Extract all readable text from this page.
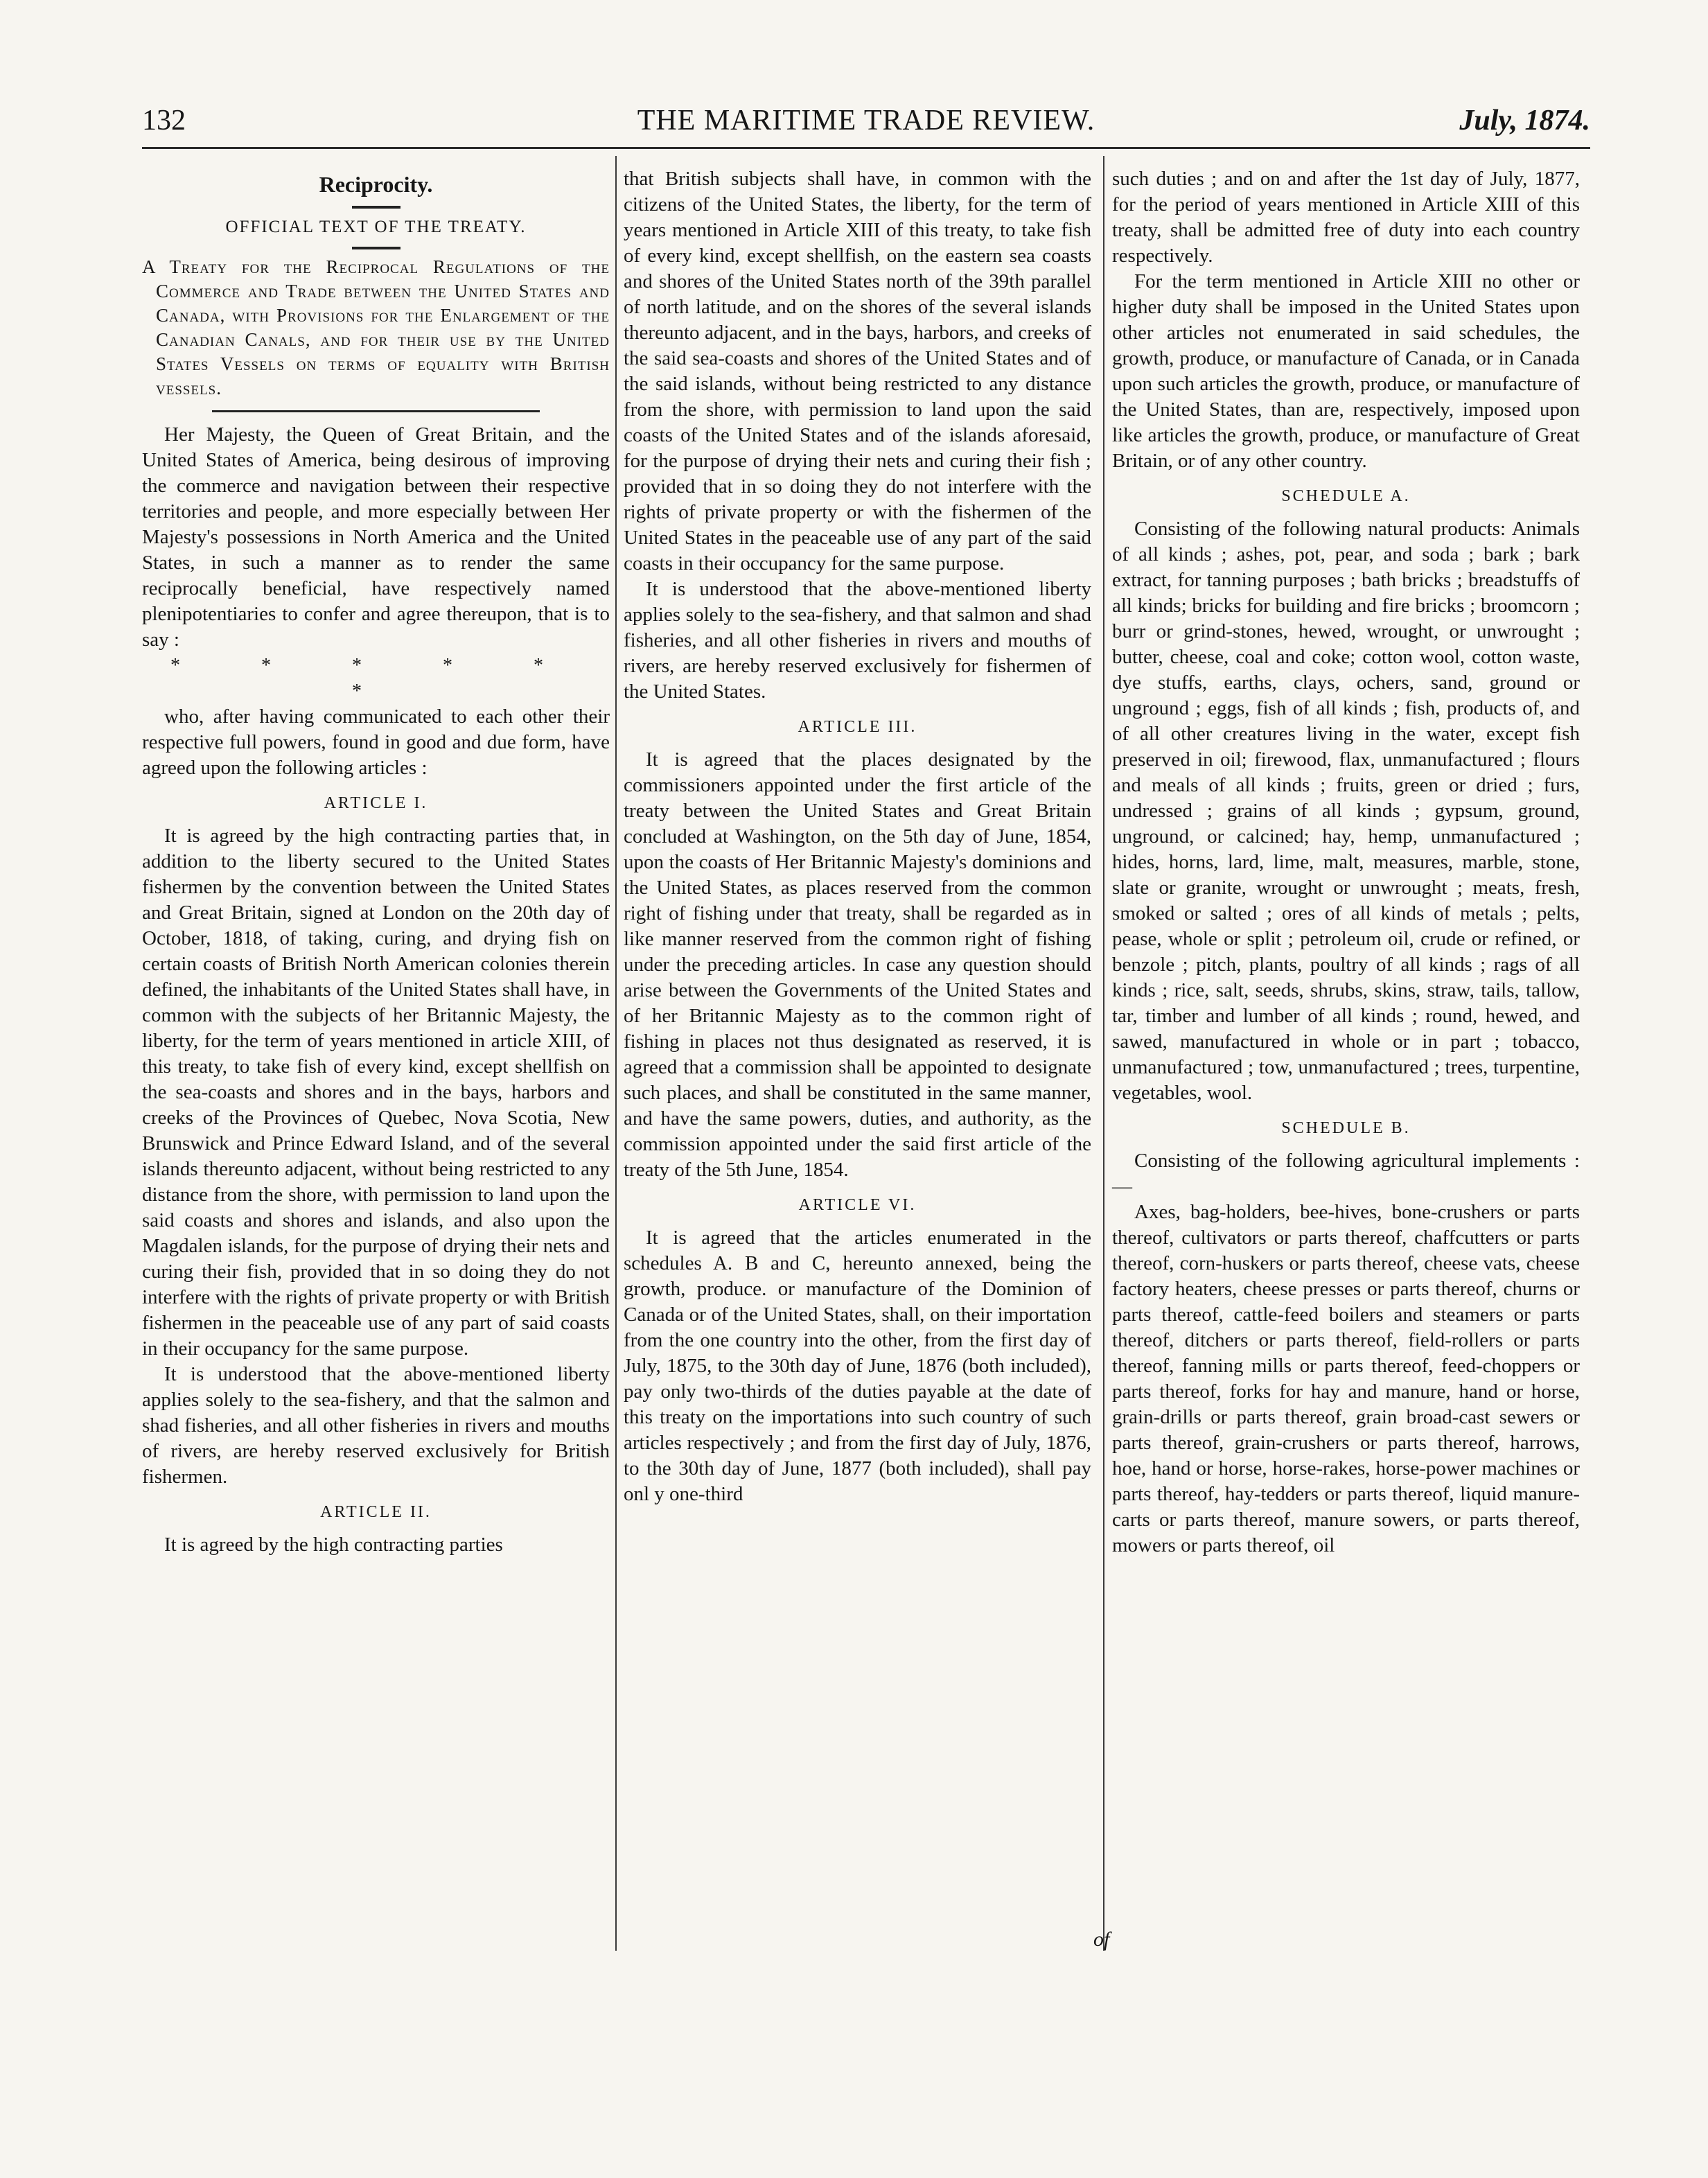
132	THE MARITIME TRADE REVIEW.	July, 1874.
Reciprocity.
OFFICIAL TEXT OF THE TREATY.
A Treaty for the Reciprocal Regulations of the Commerce and Trade between the United States and Canada, with Provisions for the Enlargement of the Canadian Canals, and for their use by the United States Vessels on terms of equality with British vessels.

Her Majesty, the Queen of Great Britain, and the United States of America, being desirous of improving the commerce and navigation between their respective territories and people, and more especially between Her Majesty's possessions in North America and the United States, in such a manner as to render the same reciprocally beneficial, have respectively named plenipotentiaries to confer and agree thereupon, that is to say :

* * * * * *

who, after having communicated to each other their respective full powers, found in good and due form, have agreed upon the following articles :

ARTICLE I.

It is agreed by the high contracting parties that, in addition to the liberty secured to the United States fishermen by the convention between the United States and Great Britain, signed at London on the 20th day of October, 1818, of taking, curing, and drying fish on certain coasts of British North American colonies therein defined, the inhabitants of the United States shall have, in common with the subjects of her Britannic Majesty, the liberty, for the term of years mentioned in article XIII, of this treaty, to take fish of every kind, except shellfish on the sea-coasts and shores and in the bays, harbors and creeks of the Provinces of Quebec, Nova Scotia, New Brunswick and Prince Edward Island, and of the several islands thereunto adjacent, without being restricted to any distance from the shore, with permission to land upon the said coasts and shores and islands, and also upon the Magdalen islands, for the purpose of drying their nets and curing their fish, provided that in so doing they do not interfere with the rights of private property or with British fishermen in the peaceable use of any part of said coasts in their occupancy for the same purpose.

It is understood that the above-mentioned liberty applies solely to the sea-fishery, and that the salmon and shad fisheries, and all other fisheries in rivers and mouths of rivers, are hereby reserved exclusively for British fishermen.

ARTICLE II.

It is agreed by the high contracting parties

that British subjects shall have, in common with the citizens of the United States, the liberty, for the term of years mentioned in Article XIII of this treaty, to take fish of every kind, except shellfish, on the eastern sea coasts and shores of the United States north of the 39th parallel of north latitude, and on the shores of the several islands thereunto adjacent, and in the bays, harbors, and creeks of the said sea-coasts and shores of the United States and of the said islands, without being restricted to any distance from the shore, with permission to land upon the said coasts of the United States and of the islands aforesaid, for the purpose of drying their nets and curing their fish ; provided that in so doing they do not interfere with the rights of private property or with the fishermen of the United States in the peaceable use of any part of the said coasts in their occupancy for the same purpose.

It is understood that the above-mentioned liberty applies solely to the sea-fishery, and that salmon and shad fisheries, and all other fisheries in rivers and mouths of rivers, are hereby reserved exclusively for fishermen of the United States.

ARTICLE III.

It is agreed that the places designated by the commissioners appointed under the first article of the treaty between the United States and Great Britain concluded at Washington, on the 5th day of June, 1854, upon the coasts of Her Britannic Majesty's dominions and the United States, as places reserved from the common right of fishing under that treaty, shall be regarded as in like manner reserved from the common right of fishing under the preceding articles. In case any question should arise between the Governments of the United States and of her Britannic Majesty as to the common right of fishing in places not thus designated as reserved, it is agreed that a commission shall be appointed to designate such places, and shall be constituted in the same manner, and have the same powers, duties, and authority, as the commission appointed under the said first article of the treaty of the 5th June, 1854.

ARTICLE VI.

It is agreed that the articles enumerated in the schedules A. B and C, hereunto annexed, being the growth, produce. or manufacture of the Dominion of Canada or of the United States, shall, on their importation from the one country into the other, from the first day of July, 1875, to the 30th day of June, 1876 (both included), pay only two-thirds of the duties payable at the date of this treaty on the importations into such country of such articles respectively ; and from the first day of July, 1876, to the 30th day of June, 1877 (both included), shall pay onl y one-third

such duties ; and on and after the 1st day of July, 1877, for the period of years mentioned in Article XIII of this treaty, shall be admitted free of duty into each country respectively.

For the term mentioned in Article XIII no other or higher duty shall be imposed in the United States upon other articles not enumerated in said schedules, the growth, produce, or manufacture of Canada, or in Canada upon such articles the growth, produce, or manufacture of the United States, than are, respectively, imposed upon like articles the growth, produce, or manufacture of Great Britain, or of any other country.

SCHEDULE A.

Consisting of the following natural products: Animals of all kinds ; ashes, pot, pear, and soda ; bark ; bark extract, for tanning purposes ; bath bricks ; breadstuffs of all kinds; bricks for building and fire bricks ; broomcorn ; burr or grind-stones, hewed, wrought, or unwrought ; butter, cheese, coal and coke; cotton wool, cotton waste, dye stuffs, earths, clays, ochers, sand, ground or unground ; eggs, fish of all kinds ; fish, products of, and of all other creatures living in the water, except fish preserved in oil; firewood, flax, unmanufactured ; flours and meals of all kinds ; fruits, green or dried ; furs, undressed ; grains of all kinds ; gypsum, ground, unground, or calcined; hay, hemp, unmanufactured ; hides, horns, lard, lime, malt, measures, marble, stone, slate or granite, wrought or unwrought ; meats, fresh, smoked or salted ; ores of all kinds of metals ; pelts, pease, whole or split ; petroleum oil, crude or refined, or benzole ; pitch, plants, poultry of all kinds ; rags of all kinds ; rice, salt, seeds, shrubs, skins, straw, tails, tallow, tar, timber and lumber of all kinds ; round, hewed, and sawed, manufactured in whole or in part ; tobacco, unmanufactured ; tow, unmanufactured ; trees, turpentine, vegetables, wool.

SCHEDULE B.

Consisting of the following agricultural implements :—

Axes, bag-holders, bee-hives, bone-crushers or parts thereof, cultivators or parts thereof, chaffcutters or parts thereof, corn-huskers or parts thereof, cheese vats, cheese factory heaters, cheese presses or parts thereof, churns or parts thereof, cattle-feed boilers and steamers or parts thereof, ditchers or parts thereof, field-rollers or parts thereof, fanning mills or parts thereof, feed-choppers or parts thereof, forks for hay and manure, hand or horse, grain-drills or parts thereof, grain broad-cast sewers or parts thereof, grain-crushers or parts thereof, harrows, hoe, hand or horse, horse-rakes, horse-power machines or parts thereof, hay-tedders or parts thereof, liquid manure-carts or parts thereof, manure sowers, or parts thereof, mowers or parts thereof, oil

of
